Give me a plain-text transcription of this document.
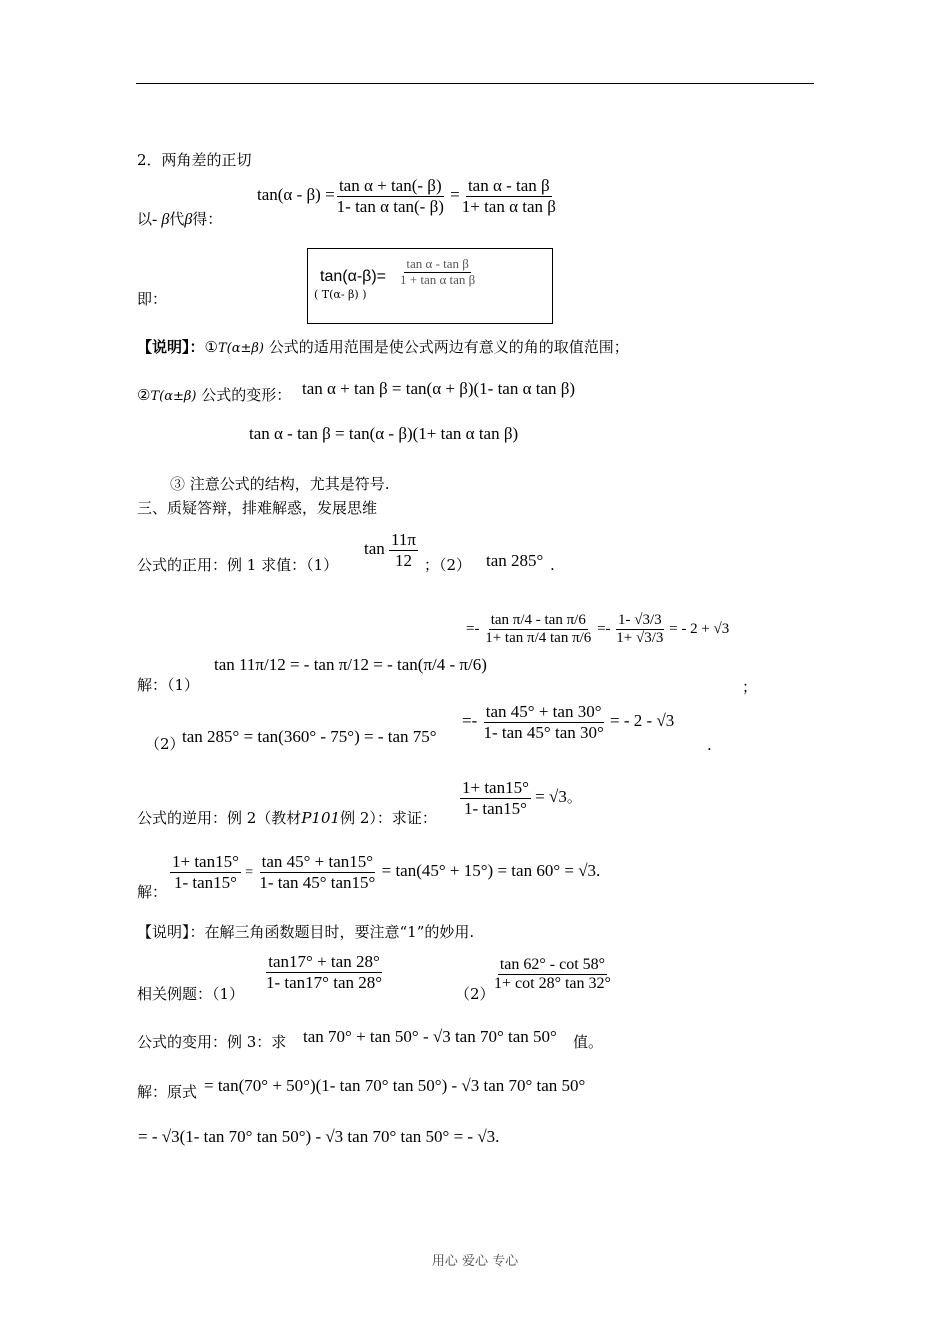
2．两角差的正切
以- β代β得：
$\tan(\alpha - \beta) = \frac{\text{tan α + tan(- β)}}{\text{1- tan α tan(- β)}} = \frac{\text{tan α - tan β}}{\text{1+ tan α tan β}}$
即：
$\tan(\alpha-\beta)= \frac{\text{tan α - tan β}}{\text{1 + tan α tan β}}$
( T(α- β) )
【说明】：①T(α±β) 公式的适用范围是使公式两边有意义的角的取值范围；
②T(α±β) 公式的变形： tan α + tan β = tan(α + β)(1- tan α tan β)
tan α - tan β = tan(α - β)(1+ tan α tan β)
③ 注意公式的结构，尤其是符号.
三、质疑答辩，排难解惑，发展思维
公式的正用：例 1 求值：（1）
$\tan \frac{11\pi}{12}$ ；（2） tan 285° .
解：（1）
tan 11π/12 = - tan π/12 = - tan(π/4 - π/6)
=- $\frac{\text{tan π/4 - tan π/6}}{\text{1+ tan π/4 tan π/6}} =- \frac{1- √3/3}{1+ √3/3}$ = - 2 + √3
；
（2）
tan 285° = tan(360° - 75°) = - tan 75°
=- $\frac{\tan 45^\circ + \tan 30^\circ}{1- \tan 45^\circ \tan 30^\circ}$ = - 2 - √3
.
公式的逆用：例 2（教材P101例 2）：求证： $\frac{1+ \tan 15^\circ}{1- \tan 15^\circ} = √3$。
解： $\frac{1+ \tan 15^\circ}{1- \tan 15^\circ} = \frac{\tan 45^\circ + \tan 15^\circ}{1- \tan 45^\circ \tan 15^\circ} = \tan(45^\circ + 15^\circ) = \tan 60^\circ = √3$.
【说明】：在解三角函数题目时，要注意“1”的妙用.
相关例题：（1）
$\frac{\tan 17^\circ + \tan 28^\circ}{1- \tan 17^\circ \tan 28^\circ}$
（2）
$\frac{\tan 62^\circ - \cot 58^\circ}{1+ \cot 28^\circ \tan 32^\circ}$
公式的变用：例 3：求 tan 70° + tan 50° - √3 tan 70° tan 50° 值。
解：原式 = tan(70° + 50°)(1- tan 70° tan 50°) - √3 tan 70° tan 50°
= - √3(1- tan 70° tan 50°) - √3 tan 70° tan 50° = - √3.
用心 爱心 专心
